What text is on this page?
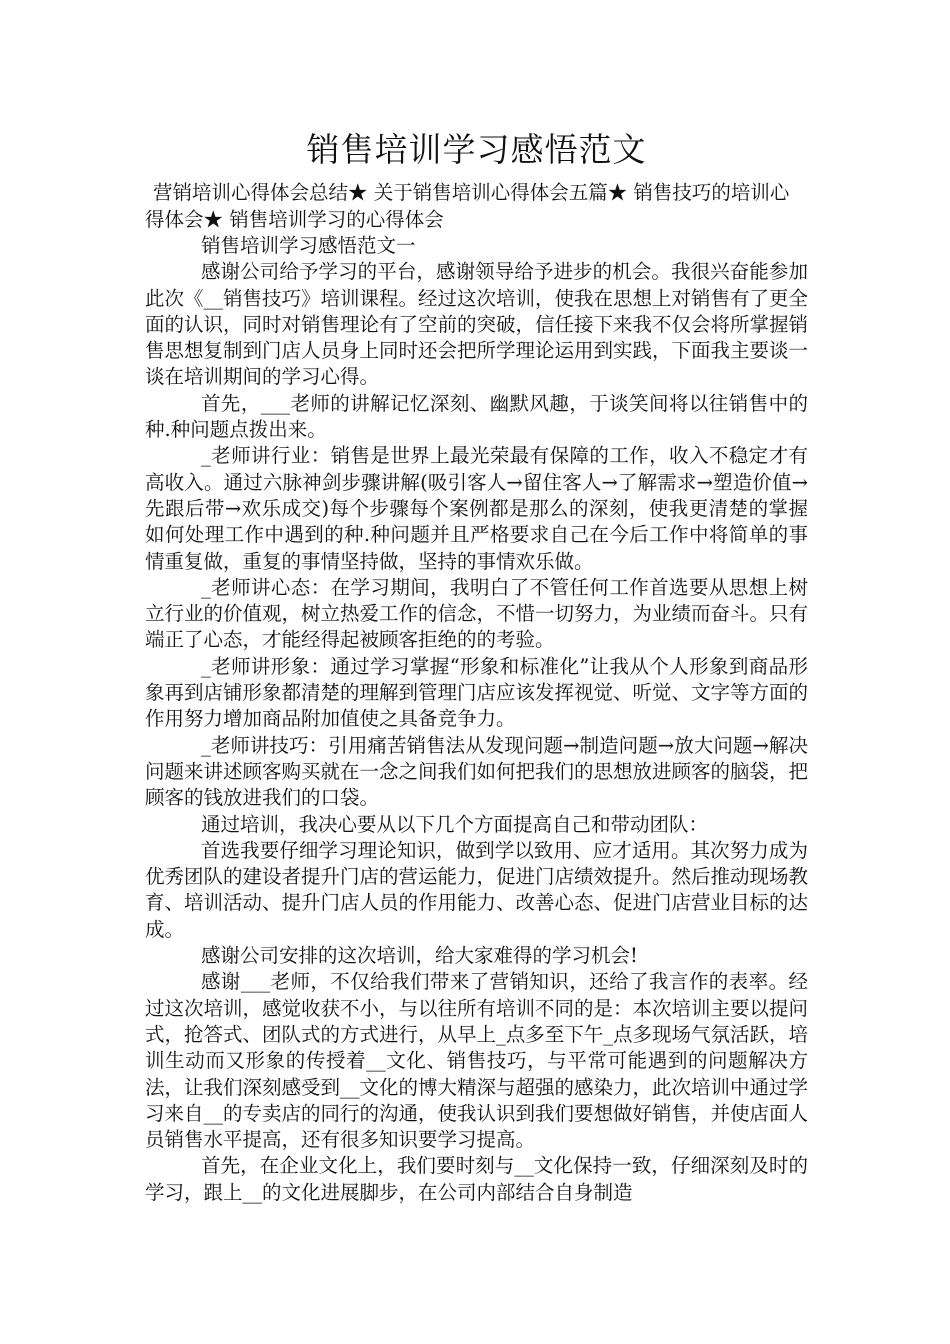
销售培训学习感悟范文

营销培训心得体会总结★ 关于销售培训心得体会五篇★ 销售技巧的培训心得体会★ 销售培训学习的心得体会

销售培训学习感悟范文一

感谢公司给予学习的平台，感谢领导给予进步的机会。我很兴奋能参加此次《__销售技巧》培训课程。经过这次培训，使我在思想上对销售有了更全面的认识，同时对销售理论有了空前的突破，信任接下来我不仅会将所掌握销售思想复制到门店人员身上同时还会把所学理论运用到实践，下面我主要谈一谈在培训期间的学习心得。

首先，___老师的讲解记忆深刻、幽默风趣，于谈笑间将以往销售中的种.种问题点拨出来。

_老师讲行业：销售是世界上最光荣最有保障的工作，收入不稳定才有高收入。通过六脉神剑步骤讲解(吸引客人→留住客人→了解需求→塑造价值→先跟后带→欢乐成交)每个步骤每个案例都是那么的深刻，使我更清楚的掌握如何处理工作中遇到的种.种问题并且严格要求自己在今后工作中将简单的事情重复做，重复的事情坚持做，坚持的事情欢乐做。

_老师讲心态：在学习期间，我明白了不管任何工作首选要从思想上树立行业的价值观，树立热爱工作的信念，不惜一切努力，为业绩而奋斗。只有端正了心态，才能经得起被顾客拒绝的的考验。

_老师讲形象：通过学习掌握“形象和标准化”让我从个人形象到商品形象再到店铺形象都清楚的理解到管理门店应该发挥视觉、听觉、文字等方面的作用努力增加商品附加值使之具备竞争力。

_老师讲技巧：引用痛苦销售法从发现问题→制造问题→放大问题→解决问题来讲述顾客购买就在一念之间我们如何把我们的思想放进顾客的脑袋，把顾客的钱放进我们的口袋。

通过培训，我决心要从以下几个方面提高自己和带动团队：

首选我要仔细学习理论知识，做到学以致用、应才适用。其次努力成为优秀团队的建设者提升门店的营运能力，促进门店绩效提升。然后推动现场教育、培训活动、提升门店人员的作用能力、改善心态、促进门店营业目标的达成。

感谢公司安排的这次培训，给大家难得的学习机会!

感谢___老师，不仅给我们带来了营销知识，还给了我言作的表率。经过这次培训，感觉收获不小，与以往所有培训不同的是：本次培训主要以提问式，抢答式、团队式的方式进行，从早上_点多至下午_点多现场气氛活跃，培训生动而又形象的传授着__文化、销售技巧，与平常可能遇到的问题解决方法，让我们深刻感受到__文化的博大精深与超强的感染力，此次培训中通过学习来自__的专卖店的同行的沟通，使我认识到我们要想做好销售，并使店面人员销售水平提高，还有很多知识要学习提高。

首先，在企业文化上，我们要时刻与__文化保持一致，仔细深刻及时的学习，跟上__的文化进展脚步，在公司内部结合自身制造
